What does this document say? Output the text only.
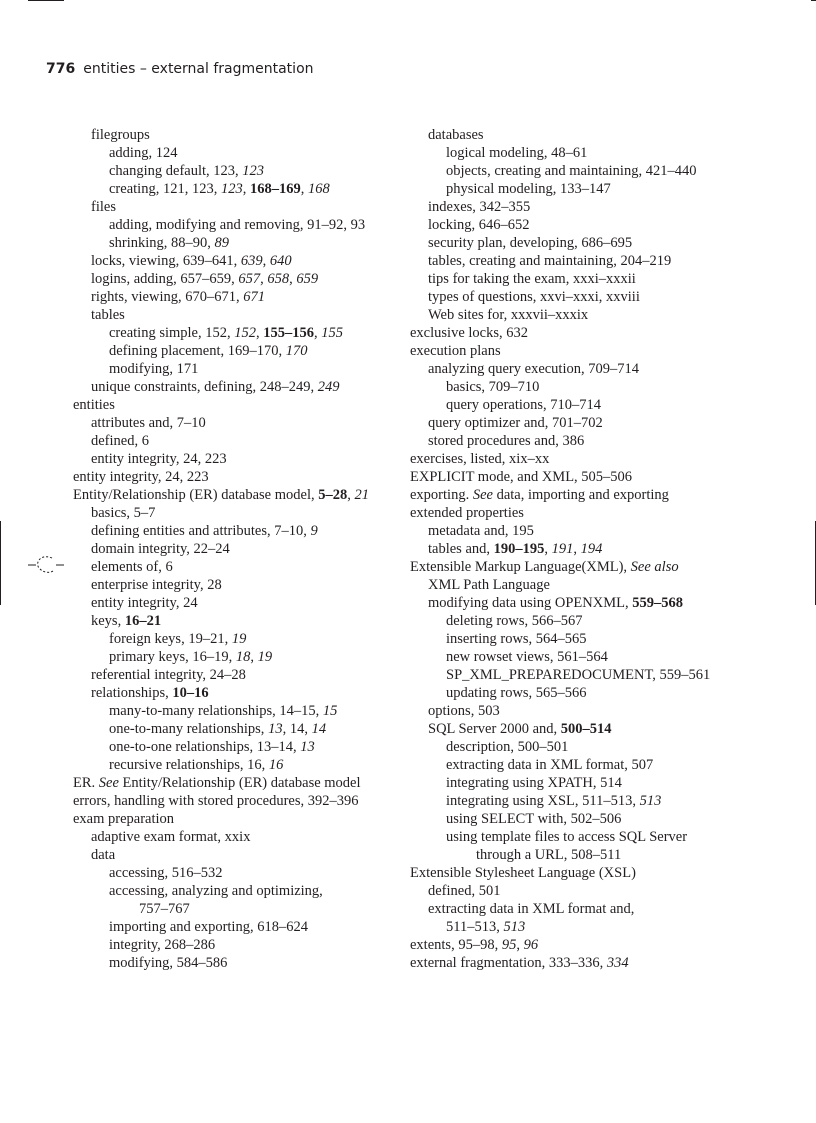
776 entities – external fragmentation
filegroups
adding, 124
changing default, 123, 123
creating, 121, 123, 123, 168–169, 168
files
adding, modifying and removing, 91–92, 93
shrinking, 88–90, 89
locks, viewing, 639–641, 639, 640
logins, adding, 657–659, 657, 658, 659
rights, viewing, 670–671, 671
tables
creating simple, 152, 152, 155–156, 155
defining placement, 169–170, 170
modifying, 171
unique constraints, defining, 248–249, 249
entities
attributes and, 7–10
defined, 6
entity integrity, 24, 223
entity integrity, 24, 223
Entity/Relationship (ER) database model, 5–28, 21
basics, 5–7
defining entities and attributes, 7–10, 9
domain integrity, 22–24
elements of, 6
enterprise integrity, 28
entity integrity, 24
keys, 16–21
foreign keys, 19–21, 19
primary keys, 16–19, 18, 19
referential integrity, 24–28
relationships, 10–16
many-to-many relationships, 14–15, 15
one-to-many relationships, 13, 14, 14
one-to-one relationships, 13–14, 13
recursive relationships, 16, 16
ER. See Entity/Relationship (ER) database model
errors, handling with stored procedures, 392–396
exam preparation
adaptive exam format, xxix
data
accessing, 516–532
accessing, analyzing and optimizing,
757–767
importing and exporting, 618–624
integrity, 268–286
modifying, 584–586
databases
logical modeling, 48–61
objects, creating and maintaining, 421–440
physical modeling, 133–147
indexes, 342–355
locking, 646–652
security plan, developing, 686–695
tables, creating and maintaining, 204–219
tips for taking the exam, xxxi–xxxii
types of questions, xxvi–xxxi, xxviii
Web sites for, xxxvii–xxxix
exclusive locks, 632
execution plans
analyzing query execution, 709–714
basics, 709–710
query operations, 710–714
query optimizer and, 701–702
stored procedures and, 386
exercises, listed, xix–xx
EXPLICIT mode, and XML, 505–506
exporting. See data, importing and exporting
extended properties
metadata and, 195
tables and, 190–195, 191, 194
Extensible Markup Language(XML), See also
XML Path Language
modifying data using OPENXML, 559–568
deleting rows, 566–567
inserting rows, 564–565
new rowset views, 561–564
SP_XML_PREPAREDOCUMENT, 559–561
updating rows, 565–566
options, 503
SQL Server 2000 and, 500–514
description, 500–501
extracting data in XML format, 507
integrating using XPATH, 514
integrating using XSL, 511–513, 513
using SELECT with, 502–506
using template files to access SQL Server
through a URL, 508–511
Extensible Stylesheet Language (XSL)
defined, 501
extracting data in XML format and,
511–513, 513
extents, 95–98, 95, 96
external fragmentation, 333–336, 334
